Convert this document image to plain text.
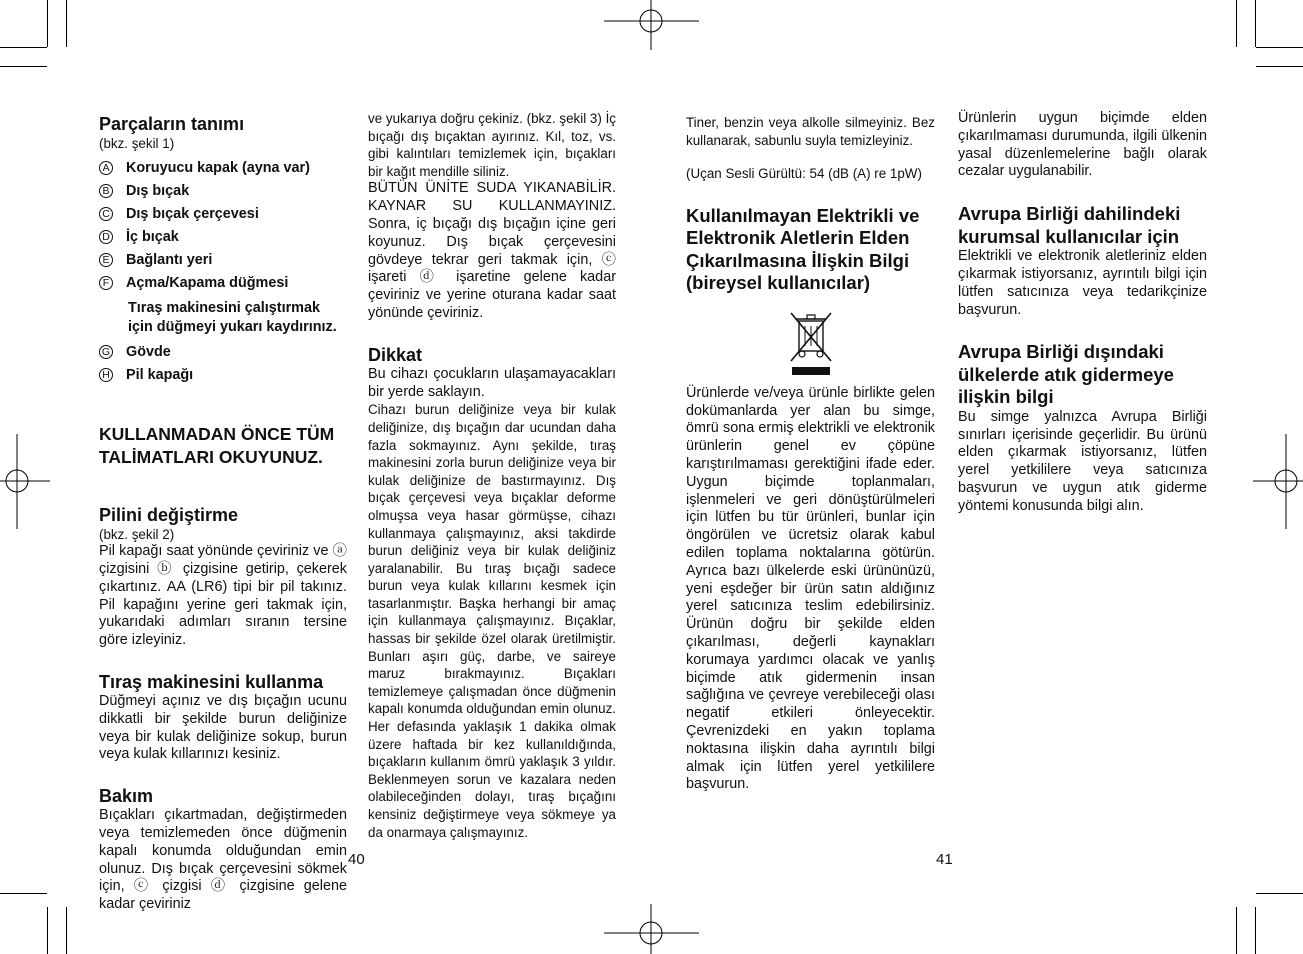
Parçaların tanımı

(bkz. şekil 1)

A Koruyucu kapak (ayna var)
B Dış bıçak
C Dış bıçak çerçevesi
D İç bıçak
E Bağlantı yeri
F Açma/Kapama düğmesi
Tıraş makinesini çalıştırmak için düğmeyi yukarı kaydırınız.
G Gövde
H Pil kapağı
KULLANMADAN ÖNCE TÜM TALİMATLARI OKUYUNUZ.
Pilini değiştirme

(bkz. şekil 2)

Pil kapağı saat yönünde çeviriniz ve ⓐ çizgisini ⓑ çizgisine getirip, çekerek çıkartınız. AA (LR6) tipi bir pil takınız. Pil kapağını yerine geri takmak için, yukarıdaki adımları sıranın tersine göre izleyiniz.

Tıraş makinesini kullanma

Düğmeyi açınız ve dış bıçağın ucunu dikkatli bir şekilde burun deliğinize veya bir kulak deliğinize sokup, burun veya kulak kıllarınızı kesiniz.

Bakım

Bıçakları çıkartmadan, değiştirmeden veya temizlemeden önce düğmenin kapalı konumda olduğundan emin olunuz. Dış bıçak çerçevesini sökmek için, ⓒ çizgisi ⓓ çizgisine gelene kadar çeviriniz

ve yukarıya doğru çekiniz. (bkz. şekil 3) İç bıçağı dış bıçaktan ayırınız. Kıl, toz, vs. gibi kalıntıları temizlemek için, bıçakları bir kağıt mendille siliniz.

BÜTÜN ÜNİTE SUDA YIKANABİLİR. KAYNAR SU KULLANMAYINIZ. Sonra, iç bıçağı dış bıçağın içine geri koyunuz. Dış bıçak çerçevesini gövdeye tekrar geri takmak için, ⓒ işareti ⓓ işaretine gelene kadar çeviriniz ve yerine oturana kadar saat yönünde çeviriniz.

Dikkat

Bu cihazı çocukların ulaşamayacakları bir yerde saklayın.

Cihazı burun deliğinize veya bir kulak deliğinize, dış bıçağın dar ucundan daha fazla sokmayınız. Aynı şekilde, tıraş makinesini zorla burun deliğinize veya bir kulak deliğinize de bastırmayınız. Dış bıçak çerçevesi veya bıçaklar deforme olmuşsa veya hasar görmüşse, cihazı kullanmaya çalışmayınız, aksi takdirde burun deliğiniz veya bir kulak deliğiniz yaralanabilir. Bu tıraş bıçağı sadece burun veya kulak kıllarını kesmek için tasarlanmıştır. Başka herhangi bir amaç için kullanmaya çalışmayınız. Bıçaklar, hassas bir şekilde özel olarak üretilmiştir. Bunları aşırı güç, darbe, ve saireye maruz bırakmayınız. Bıçakları temizlemeye çalışmadan önce düğmenin kapalı konumda olduğundan emin olunuz. Her defasında yaklaşık 1 dakika olmak üzere haftada bir kez kullanıldığında, bıçakların kullanım ömrü yaklaşık 3 yıldır. Beklenmeyen sorun ve kazalara neden olabileceğinden dolayı, tıraş bıçağını kensiniz değiştirmeye veya sökmeye ya da onarmaya çalışmayınız.

Tiner, benzin veya alkolle silmeyiniz. Bez kullanarak, sabunlu suyla temizleyiniz.

(Uçan Sesli Gürültü: 54 (dB (A) re 1pW)

Kullanılmayan Elektrikli ve Elektronik Aletlerin Elden Çıkarılmasına İlişkin Bilgi (bireysel kullanıcılar)

Ürünlerde ve/veya ürünle birlikte gelen dokümanlarda yer alan bu simge, ömrü sona ermiş elektrikli ve elektronik ürünlerin genel ev çöpüne karıştırılmaması gerektiğini ifade eder. Uygun biçimde toplanmaları, işlenmeleri ve geri dönüştürülmeleri için lütfen bu tür ürünleri, bunlar için öngörülen ve ücretsiz olarak kabul edilen toplama noktalarına götürün. Ayrıca bazı ülkelerde eski ürününüzü, yeni eşdeğer bir ürün satın aldığınız yerel satıcınıza teslim edebilirsiniz. Ürünün doğru bir şekilde elden çıkarılması, değerli kaynakları korumaya yardımcı olacak ve yanlış biçimde atık gidermenin insan sağlığına ve çevreye verebileceği olası negatif etkileri önleyecektir. Çevrenizdeki en yakın toplama noktasına ilişkin daha ayrıntılı bilgi almak için lütfen yerel yetkililere başvurun.

Ürünlerin uygun biçimde elden çıkarılmaması durumunda, ilgili ülkenin yasal düzenlemelerine bağlı olarak cezalar uygulanabilir.

Avrupa Birliği dahilindeki kurumsal kullanıcılar için

Elektrikli ve elektronik aletleriniz elden çıkarmak istiyorsanız, ayrıntılı bilgi için lütfen satıcınıza veya tedarikçinize başvurun.

Avrupa Birliği dışındaki ülkelerde atık gidermeye ilişkin bilgi

Bu simge yalnızca Avrupa Birliği sınırları içerisinde geçerlidir. Bu ürünü elden çıkarmak istiyorsanız, lütfen yerel yetkililere veya satıcınıza başvurun ve uygun atık giderme yöntemi konusunda bilgi alın.

40	41
